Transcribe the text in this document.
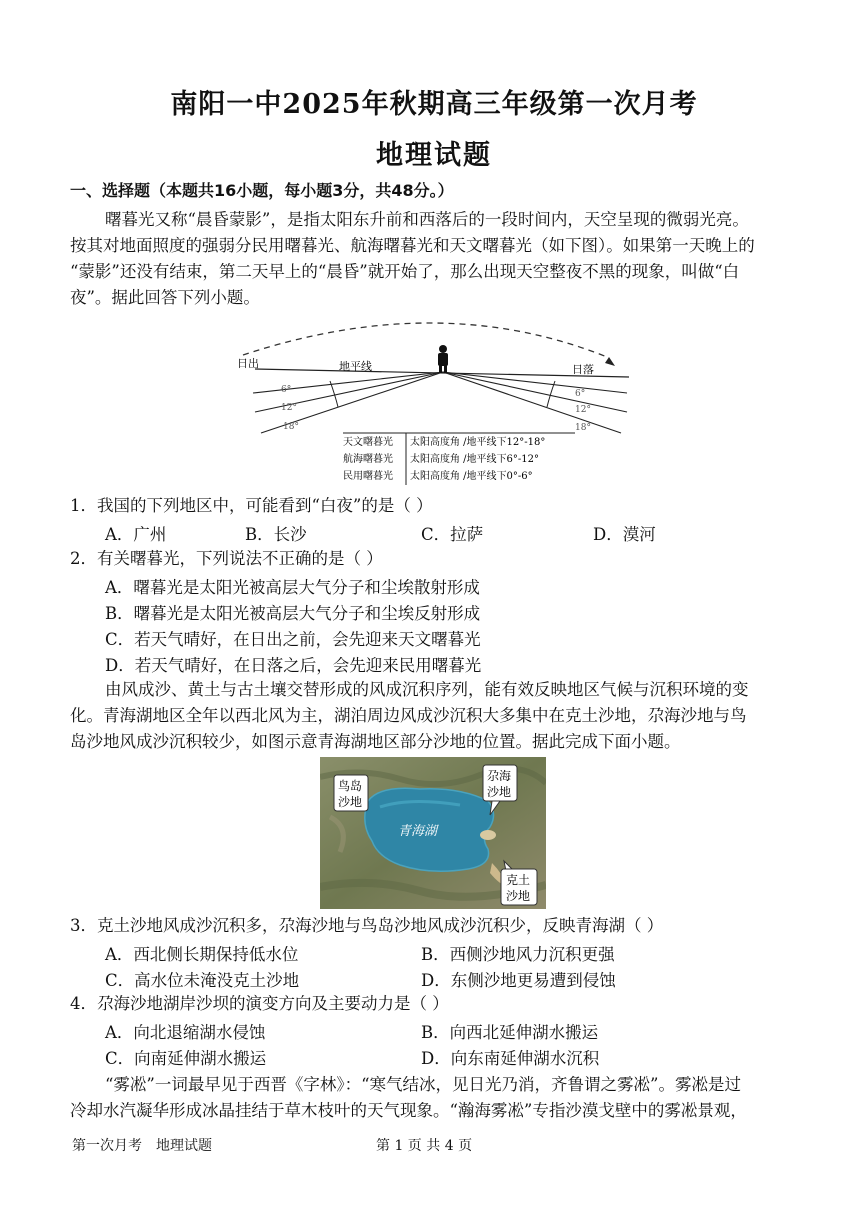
南阳一中2025年秋期高三年级第一次月考
地理试题
一、选择题（本题共16小题，每小题3分，共48分。）
曙暮光又称“晨昏蒙影”，是指太阳东升前和西落后的一段时间内，天空呈现的微弱光亮。
按其对地面照度的强弱分民用曙暮光、航海曙暮光和天文曙暮光（如下图）。如果第一天晚上的
“蒙影”还没有结束，第二天早上的“晨昏”就开始了，那么出现天空整夜不黑的现象，叫做“白
夜”。据此回答下列小题。
日出	日落
地平线
6°
12°
18°
6°
12°
18°
天文曙暮光 太阳高度角 /地平线下12°-18°
航海曙暮光 太阳高度角 /地平线下6°-12°
民用曙暮光 太阳高度角 /地平线下0°-6°
1．我国的下列地区中，可能看到“白夜”的是（ ）
A．广州	B．长沙	C．拉萨	D．漠河
2．有关曙暮光，下列说法不正确的是（ ）
A．曙暮光是太阳光被高层大气分子和尘埃散射形成
B．曙暮光是太阳光被高层大气分子和尘埃反射形成
C．若天气晴好，在日出之前，会先迎来天文曙暮光
D．若天气晴好，在日落之后，会先迎来民用曙暮光
由风成沙、黄土与古土壤交替形成的风成沉积序列，能有效反映地区气候与沉积环境的变
化。青海湖地区全年以西北风为主，湖泊周边风成沙沉积大多集中在克土沙地，尕海沙地与鸟
岛沙地风成沙沉积较少，如图示意青海湖地区部分沙地的位置。据此完成下面小题。
青海湖
鸟岛
沙地
尕海
沙地
克土
沙地
3．克土沙地风成沙沉积多，尕海沙地与鸟岛沙地风成沙沉积少，反映青海湖（ ）
A．西北侧长期保持低水位	B．西侧沙地风力沉积更强
C．高水位未淹没克土沙地	D．东侧沙地更易遭到侵蚀
4．尕海沙地湖岸沙坝的演变方向及主要动力是（ ）
A．向北退缩湖水侵蚀	B．向西北延伸湖水搬运
C．向南延伸湖水搬运	D．向东南延伸湖水沉积
“雾凇”一词最早见于西晋《字林》：“寒气结冰，见日光乃消，齐鲁谓之雾凇”。雾凇是过
冷却水汽凝华形成冰晶挂结于草木枝叶的天气现象。“瀚海雾凇”专指沙漠戈壁中的雾凇景观，
第一次月考　地理试题	第 1 页 共 4 页
